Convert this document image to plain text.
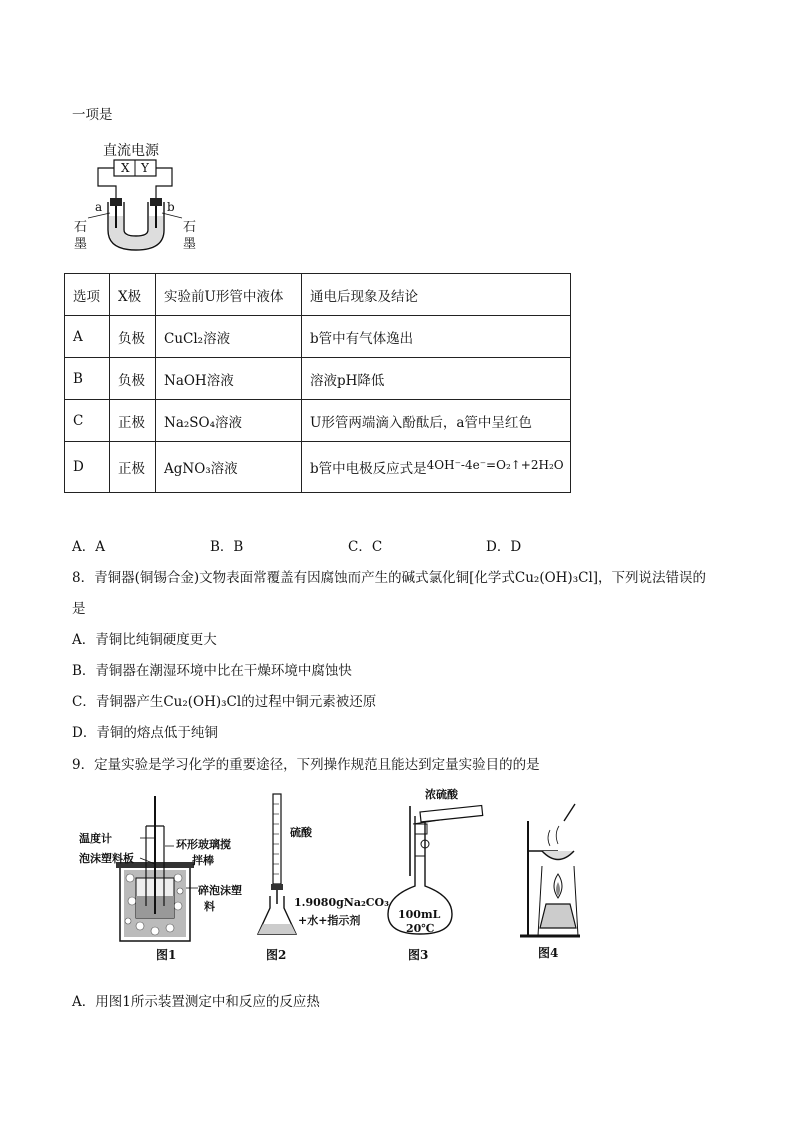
一项是
直流电源
X Y
a	b
石
墨
石
墨
选项	X极	实验前U形管中液体	通电后现象及结论
A	负极	CuCl₂溶液	b管中有气体逸出
B	负极	NaOH溶液	溶液pH降低
C	正极	Na₂SO₄溶液	U形管两端滴入酚酞后，a管中呈红色
D	正极	AgNO₃溶液	b管中电极反应式是4OH⁻-4e⁻=O₂↑+2H₂O
A．A	B．B	C．C	D．D
8．青铜器(铜锡合金)文物表面常覆盖有因腐蚀而产生的碱式氯化铜[化学式Cu₂(OH)₃Cl]，下列说法错误的
是
A．青铜比纯铜硬度更大
B．青铜器在潮湿环境中比在干燥环境中腐蚀快
C．青铜器产生Cu₂(OH)₃Cl的过程中铜元素被还原
D．青铜的熔点低于纯铜
9．定量实验是学习化学的重要途径，下列操作规范且能达到定量实验目的的是
温度计
泡沫塑料板
环形玻璃搅
拌棒
碎泡沫塑
料
图1
硫酸
1.9080gNa₂CO₃
+水+指示剂
图2
浓硫酸
100mL
20℃
图3	图4
A．用图1所示装置测定中和反应的反应热
